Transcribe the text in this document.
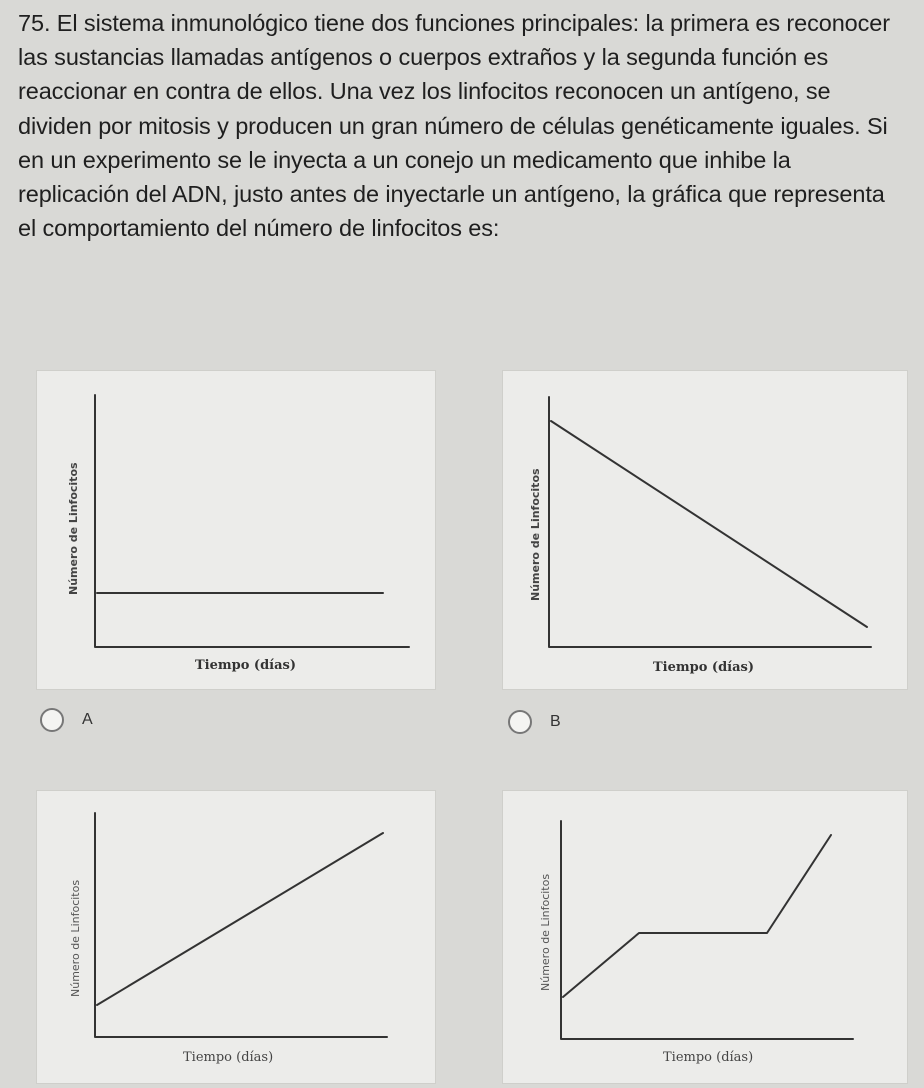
75. El sistema inmunológico tiene dos funciones principales: la primera es reconocer las sustancias llamadas antígenos o cuerpos extraños y la segunda función es reaccionar en contra de ellos. Una vez los linfocitos reconocen un antígeno, se dividen por mitosis y producen un gran número de células genéticamente iguales. Si en un experimento se le inyecta a un conejo un medicamento que inhibe la replicación del ADN, justo antes de inyectarle un antígeno, la gráfica que representa el comportamiento del número de linfocitos es:
Número de Linfocitos
Tiempo (días)
Número de Linfocitos
Tiempo (días)
A	B
Número de Linfocitos
Tiempo (días)
Número de Linfocitos
Tiempo (días)
